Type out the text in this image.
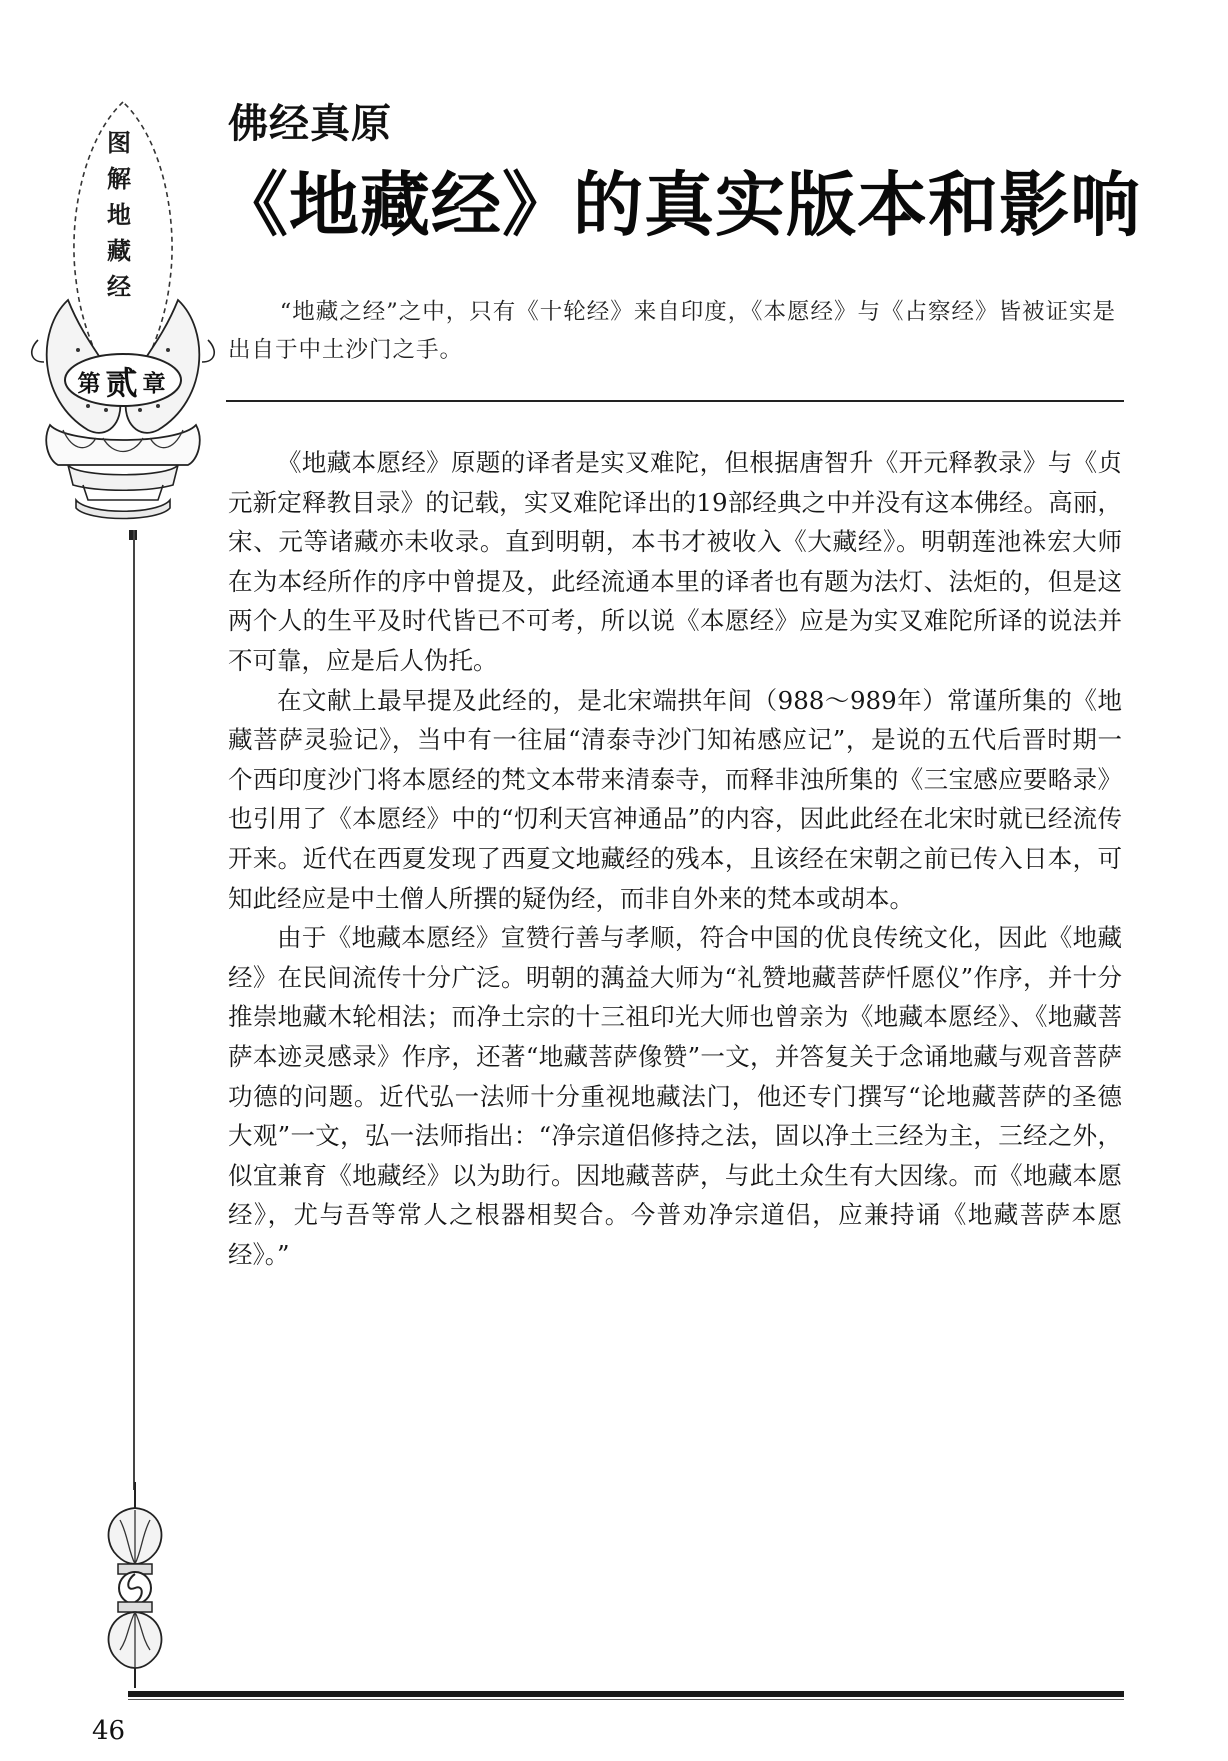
图
解
地
藏
经
第 贰 章
佛经真原
《地藏经》的真实版本和影响
“地藏之经”之中，只有《十轮经》来自印度，《本愿经》与《占察经》皆被证实是出自于中土沙门之手。

《地藏本愿经》原题的译者是实叉难陀，但根据唐智升《开元释教录》与《贞元新定释教目录》的记载，实叉难陀译出的19部经典之中并没有这本佛经。高丽，宋、元等诸藏亦未收录。直到明朝，本书才被收入《大藏经》。明朝莲池袾宏大师在为本经所作的序中曾提及，此经流通本里的译者也有题为法灯、法炬的，但是这两个人的生平及时代皆已不可考，所以说《本愿经》应是为实叉难陀所译的说法并不可靠，应是后人伪托。

在文献上最早提及此经的，是北宋端拱年间（988～989年）常谨所集的《地藏菩萨灵验记》，当中有一往届“清泰寺沙门知祐感应记”，是说的五代后晋时期一个西印度沙门将本愿经的梵文本带来清泰寺，而释非浊所集的《三宝感应要略录》也引用了《本愿经》中的“忉利天宫神通品”的内容，因此此经在北宋时就已经流传开来。近代在西夏发现了西夏文地藏经的残本，且该经在宋朝之前已传入日本，可知此经应是中土僧人所撰的疑伪经，而非自外来的梵本或胡本。

由于《地藏本愿经》宣赞行善与孝顺，符合中国的优良传统文化，因此《地藏经》在民间流传十分广泛。明朝的蕅益大师为“礼赞地藏菩萨忏愿仪”作序，并十分推崇地藏木轮相法；而净土宗的十三祖印光大师也曾亲为《地藏本愿经》、《地藏菩萨本迹灵感录》作序，还著“地藏菩萨像赞”一文，并答复关于念诵地藏与观音菩萨功德的问题。近代弘一法师十分重视地藏法门，他还专门撰写“论地藏菩萨的圣德大观”一文，弘一法师指出：“净宗道侣修持之法，固以净土三经为主，三经之外，似宜兼育《地藏经》以为助行。因地藏菩萨，与此土众生有大因缘。而《地藏本愿经》，尤与吾等常人之根器相契合。今普劝净宗道侣，应兼持诵《地藏菩萨本愿经》。”

46
